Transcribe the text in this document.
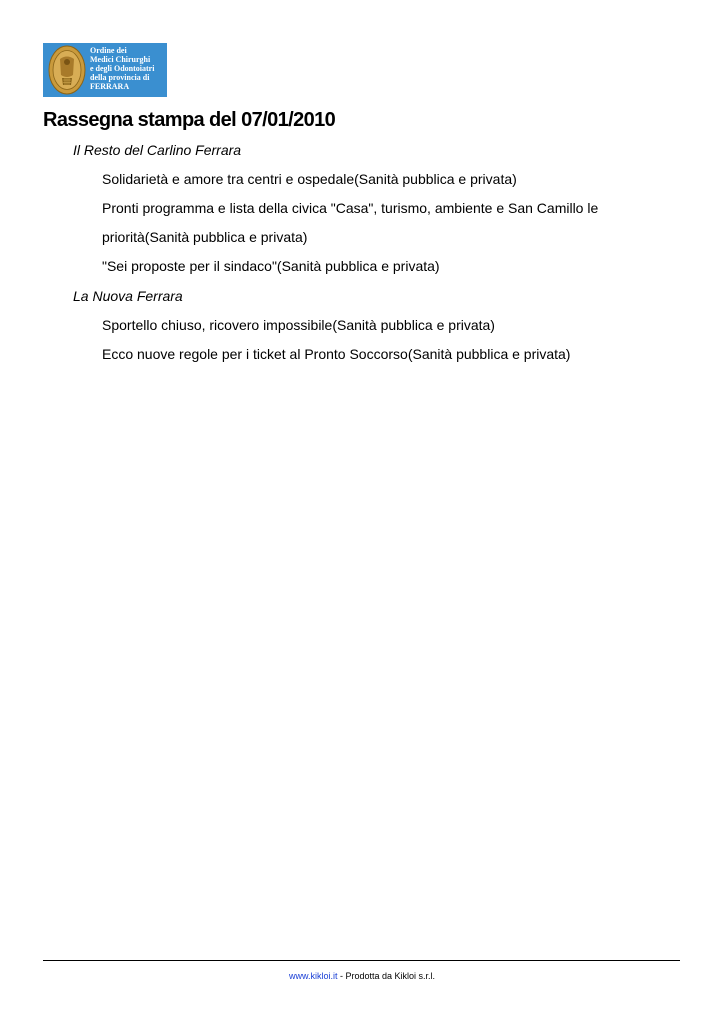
Ordine dei
Medici Chirurghi
e degli Odontoiatri
della provincia di
FERRARA
Rassegna stampa del 07/01/2010
Il Resto del Carlino Ferrara
Solidarietà e amore tra centri e ospedale(Sanità pubblica e privata)
Pronti programma e lista della civica "Casa", turismo, ambiente e San Camillo le
priorità(Sanità pubblica e privata)
"Sei proposte per il sindaco"(Sanità pubblica e privata)
La Nuova Ferrara
Sportello chiuso, ricovero impossibile(Sanità pubblica e privata)
Ecco nuove regole per i ticket al Pronto Soccorso(Sanità pubblica e privata)
www.kikloi.it - Prodotta da Kikloi s.r.l.
